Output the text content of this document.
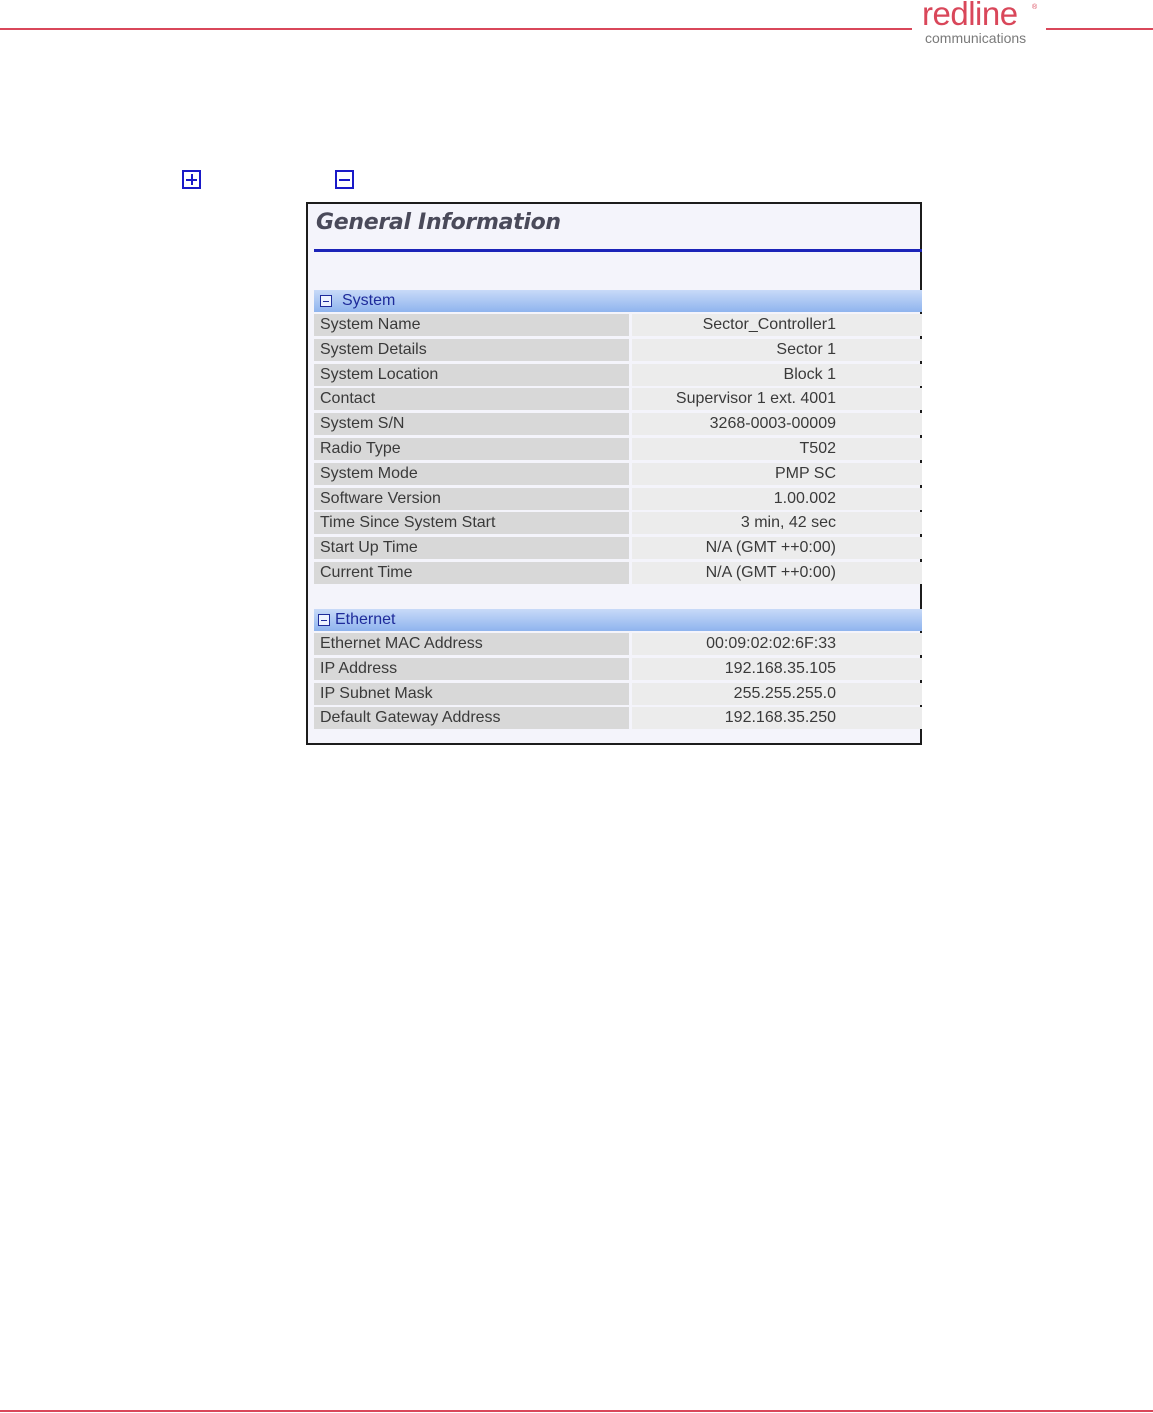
redline ®
communications
General Information
System
System Name	Sector_Controller1
System Details	Sector 1
System Location	Block 1
Contact	Supervisor 1 ext. 4001
System S/N	3268-0003-00009
Radio Type	T502
System Mode	PMP SC
Software Version	1.00.002
Time Since System Start	3 min, 42 sec
Start Up Time	N/A (GMT ++0:00)
Current Time	N/A (GMT ++0:00)
Ethernet
Ethernet MAC Address	00:09:02:02:6F:33
IP Address	192.168.35.105
IP Subnet Mask	255.255.255.0
Default Gateway Address	192.168.35.250
